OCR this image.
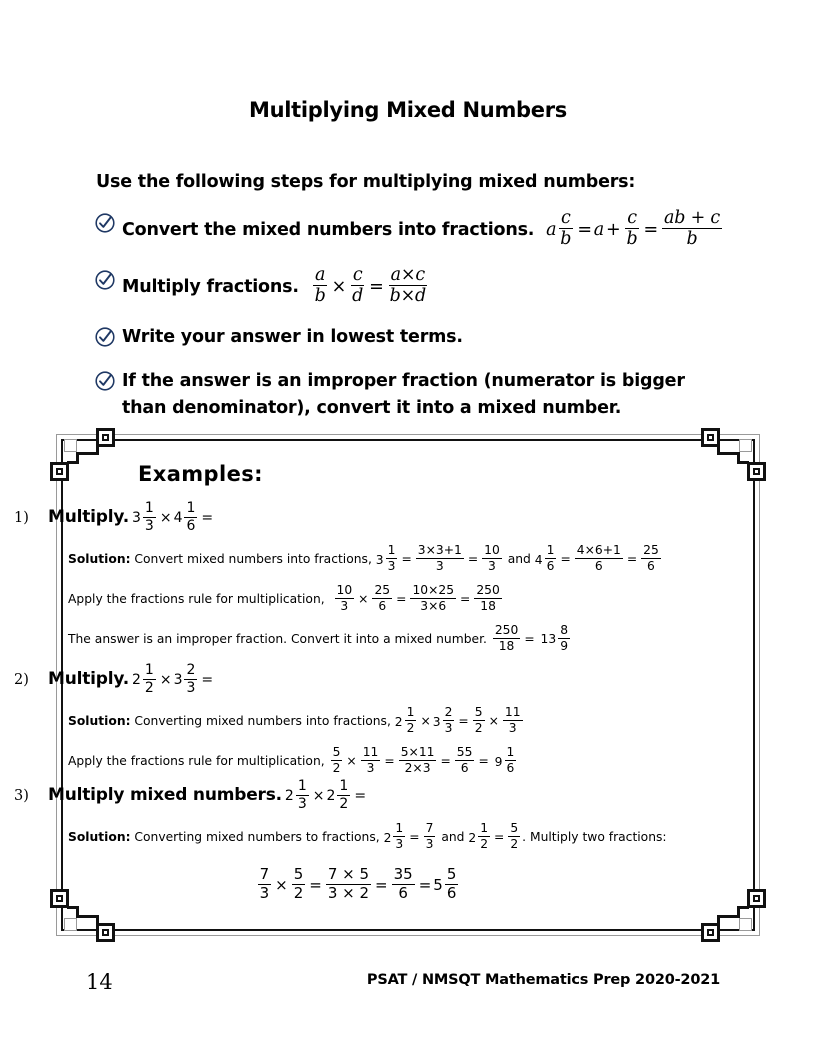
Multiplying Mixed Numbers
Use the following steps for multiplying mixed numbers:
Convert the mixed numbers into fractions. a $\frac{c}{b} = a + \frac{c}{b} = \frac{ab + c}{b}$
Multiply fractions. $\frac{a}{b} \times \frac{c}{d} = \frac{a\times c}{b\times d}$
Write your answer in lowest terms.
If the answer is an improper fraction (numerator is bigger than denominator), convert it into a mixed number.
Examples:
1)	Multiply. $3 \frac{1}{3} \times 4 \frac{1}{6}$ =
Solution: Convert mixed numbers into fractions, $3 \frac{1}{3} = \frac{3\times 3+1}{3} = \frac{10}{3}$ and $4 \frac{1}{6} = \frac{4\times 6+1}{6} = \frac{25}{6}$
Apply the fractions rule for multiplication, $\frac{10}{3} \times \frac{25}{6} = \frac{10\times 25}{3\times 6} = \frac{250}{18}$
The answer is an improper fraction. Convert it into a mixed number. $\frac{250}{18} = 13 \frac{8}{9}$
2)	Multiply. $2 \frac{1}{2} \times 3 \frac{2}{3}$ =
Solution: Converting mixed numbers into fractions, $2 \frac{1}{2} \times 3 \frac{2}{3} = \frac{5}{2} \times \frac{11}{3}$
Apply the fractions rule for multiplication, $\frac{5}{2} \times \frac{11}{3} = \frac{5\times 11}{2\times 3} = \frac{55}{6} = 9 \frac{1}{6}$
3)	Multiply mixed numbers. $2 \frac{1}{3} \times 2 \frac{1}{2}$ =
Solution: Converting mixed numbers to fractions, $2 \frac{1}{3} = \frac{7}{3}$ and $2 \frac{1}{2} = \frac{5}{2}$ . Multiply two fractions:
$\frac{7}{3} \times \frac{5}{2} = \frac{7 \times 5}{3 \times 2} = \frac{35}{6} = 5 \frac{5}{6}$
14	PSAT / NMSQT Mathematics Prep 2020-2021
